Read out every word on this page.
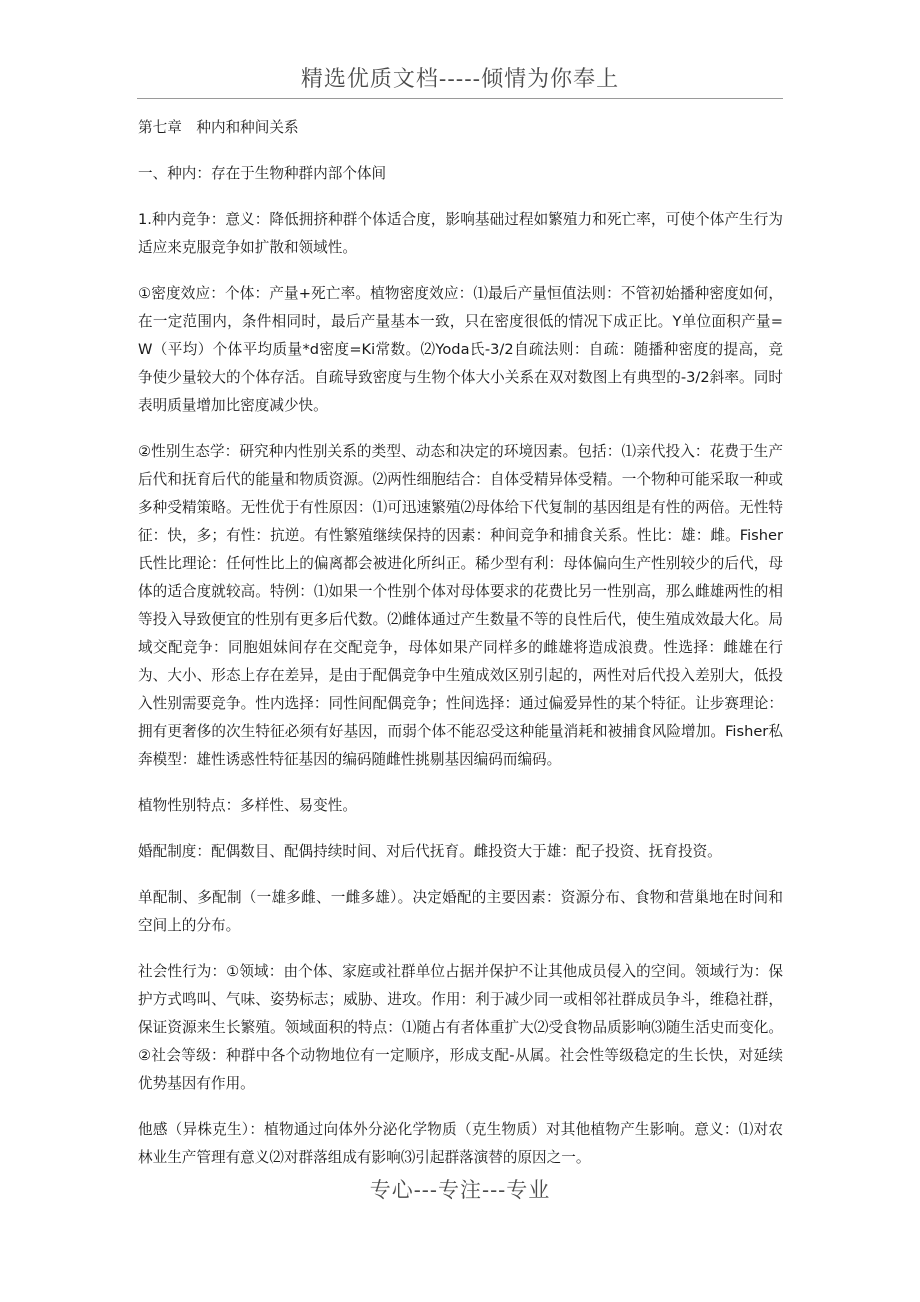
精选优质文档-----倾情为你奉上

第七章　种内和种间关系

一、种内：存在于生物种群内部个体间

1.种内竞争：意义：降低拥挤种群个体适合度，影响基础过程如繁殖力和死亡率，可使个体产生行为适应来克服竞争如扩散和领域性。

①密度效应：个体：产量+死亡率。植物密度效应：⑴最后产量恒值法则：不管初始播种密度如何，在一定范围内，条件相同时，最后产量基本一致，只在密度很低的情况下成正比。Y单位面积产量=W（平均）个体平均质量*d密度=Ki常数。⑵Yoda氏-3/2自疏法则：自疏：随播种密度的提高，竞争使少量较大的个体存活。自疏导致密度与生物个体大小关系在双对数图上有典型的-3/2斜率。同时表明质量增加比密度减少快。

②性别生态学：研究种内性别关系的类型、动态和决定的环境因素。包括：⑴亲代投入：花费于生产后代和抚育后代的能量和物质资源。⑵两性细胞结合：自体受精异体受精。一个物种可能采取一种或多种受精策略。无性优于有性原因：⑴可迅速繁殖⑵母体给下代复制的基因组是有性的两倍。无性特征：快，多；有性：抗逆。有性繁殖继续保持的因素：种间竞争和捕食关系。性比：雄：雌。Fisher氏性比理论：任何性比上的偏离都会被进化所纠正。稀少型有利：母体偏向生产性别较少的后代，母体的适合度就较高。特例：⑴如果一个性别个体对母体要求的花费比另一性别高，那么雌雄两性的相等投入导致便宜的性别有更多后代数。⑵雌体通过产生数量不等的良性后代，使生殖成效最大化。局域交配竞争：同胞姐妹间存在交配竞争，母体如果产同样多的雌雄将造成浪费。性选择：雌雄在行为、大小、形态上存在差异，是由于配偶竞争中生殖成效区别引起的，两性对后代投入差别大，低投入性别需要竞争。性内选择：同性间配偶竞争；性间选择：通过偏爱异性的某个特征。让步赛理论：拥有更奢侈的次生特征必须有好基因，而弱个体不能忍受这种能量消耗和被捕食风险增加。Fisher私奔模型：雄性诱惑性特征基因的编码随雌性挑剔基因编码而编码。

植物性别特点：多样性、易变性。

婚配制度：配偶数目、配偶持续时间、对后代抚育。雌投资大于雄：配子投资、抚育投资。

单配制、多配制（一雄多雌、一雌多雄）。决定婚配的主要因素：资源分布、食物和营巢地在时间和空间上的分布。

社会性行为：①领域：由个体、家庭或社群单位占据并保护不让其他成员侵入的空间。领域行为：保护方式鸣叫、气味、姿势标志；威胁、进攻。作用：利于减少同一或相邻社群成员争斗，维稳社群，保证资源来生长繁殖。领域面积的特点：⑴随占有者体重扩大⑵受食物品质影响⑶随生活史而变化。②社会等级：种群中各个动物地位有一定顺序，形成支配-从属。社会性等级稳定的生长快，对延续优势基因有作用。

他感（异株克生）：植物通过向体外分泌化学物质（克生物质）对其他植物产生影响。意义：⑴对农林业生产管理有意义⑵对群落组成有影响⑶引起群落演替的原因之一。

专心---专注---专业
